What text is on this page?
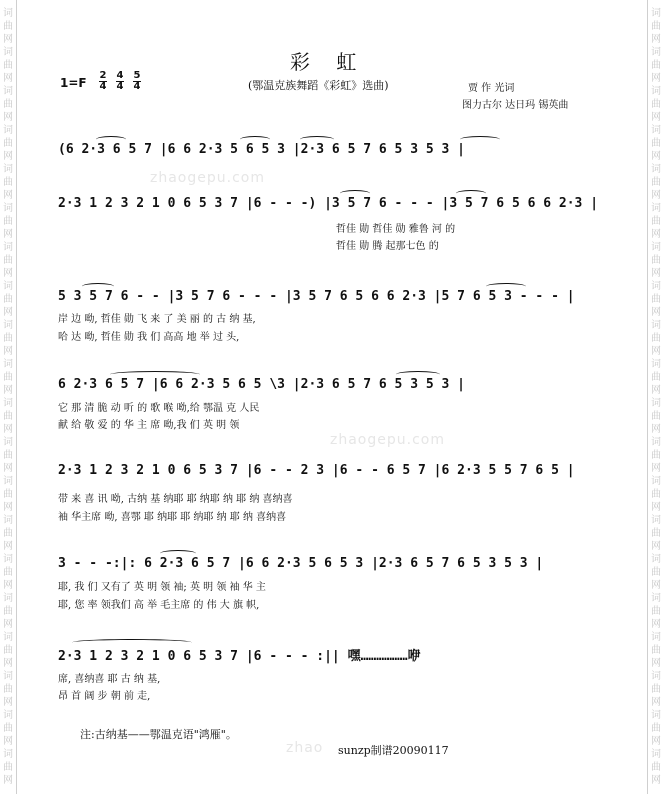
词
曲
网
词
曲
网
词
曲
网
词
曲
网
词
曲
网
词
曲
网
词
曲
网
词
曲
网
词
曲
网
词
曲
网
词
曲
网
词
曲
网
词
曲
网
词
曲
网
词
曲
网
词
曲
网
词
曲
网
词
曲
网
词
曲
网
词
曲
网
词
曲
网
词
曲
网
词
曲
网
词
曲
网
词
曲
网
词
曲
网
词
曲
网
词
曲
网
词
曲
网
词
曲
网
词
曲
网
词
曲
网
词
曲
网
词
曲
网
词
曲
网
词
曲
网
词
曲
网
词
曲
网
词
曲
网
词
曲
网
彩 虹
1=F
2
4
4
4
5
4	(鄂温克族舞蹈《彩虹》选曲)	贾 作 光词
图力古尔 达日玛 锡英曲
zhaogepu.com
zhaogepu.com
zhao
(6 2·3 6 5 7 |6 6 2·3 5 6 5 3 |2·3 6 5 7 6 5 3 5 3 |
2·3 1 2 3 2 1 0 6 5 3 7 |6 - - -) |3 5 7 6 - - - |3 5 7 6 5 6 6 2·3 |
哲佳 勋 哲佳 勋 雅鲁 河 的
哲佳 勋 腾 起那七色 的
5 3 5 7 6 - - |3 5 7 6 - - - |3 5 7 6 5 6 6 2·3 |5 7 6 5 3 - - - |
岸 边 呦, 哲佳 勋 飞 来 了 美 丽 的 古 纳 基,
哈 达 呦, 哲佳 勋 我 们 高高 地 举 过 头,
6 2·3 6 5 7 |6 6 2·3 5 6 5 \3 |2·3 6 5 7 6 5 3 5 3 |
它 那 清 脆 动 听 的 歌 喉 呦,给 鄂温 克 人民
献 给 敬 爱 的 华 主 席 呦,我 们 英 明 领
2·3 1 2 3 2 1 0 6 5 3 7 |6 - - 2 3 |6 - - 6 5 7 |6 2·3 5 5 7 6 5 |
带 来 喜 讯 呦, 古纳 基 纳耶 耶 纳耶 纳 耶 纳 喜纳喜
袖 华主席 呦, 喜鄂 耶 纳耶 耶 纳耶 纳 耶 纳 喜纳喜
3 - - -:|: 6 2·3 6 5 7 |6 6 2·3 5 6 5 3 |2·3 6 5 7 6 5 3 5 3 |
耶, 我 们 又有了 英 明 领 袖; 英 明 领 袖 华 主
耶, 您 率 领我们 高 举 毛主席 的 伟 大 旗 帜,
2·3 1 2 3 2 1 0 6 5 3 7 |6 - - - :|| 嘿………………咿
席, 喜纳喜 耶 古 纳 基,
昂 首 阔 步 朝 前 走,
注:古纳基——鄂温克语"鸿雁"。
sunzp制谱20090117
